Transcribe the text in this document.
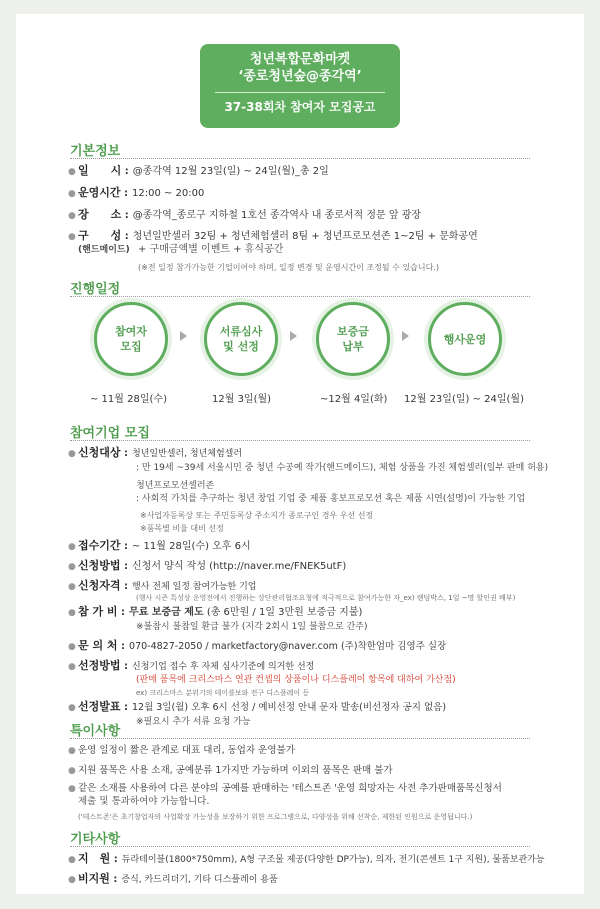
청년복합문화마켓
‘종로청년숲@종각역’
37-38회차 참여자 모집공고
기본정보
● 일　　시 : @종각역 12월 23일(일) ~ 24일(월)_총 2일
● 운영시간 : 12:00 ~ 20:00
● 장　　소 : @종각역_종로구 지하철 1호선 종각역사 내 종로서적 정문 앞 광장
● 구　　성 : 청년일반셀러 32팀 + 청년체험셀러 8팀 + 청년프로모션존 1~2팀 + 문화공연
(핸드메이드) + 구매금액별 이벤트 + 휴식공간
(※전 일정 참가가능한 기업이어야 하며, 일정 변경 및 운영시간이 조정될 수 있습니다.)
진행일정
참여자
모집
서류심사
및 선정
보증금
납부
행사운영
~ 11월 28일(수)	12월 3일(월)	~12월 4일(화) 12월 23일(일) ~ 24일(월)
참여기업 모집
● 신청대상 : 청년일반셀러, 청년체험셀러
: 만 19세 ~39세 서울시민 중 청년 수공예 작가(핸드메이드), 체험 상품을 가진 체험셀러(일부 판매 허용)
청년프로모션셀러존
: 사회적 가치를 추구하는 청년 창업 기업 중 제품 홍보프로모션 혹은 제품 시연(설명)이 가능한 기업
※사업자등록상 또는 주민등록상 주소지가 종로구인 경우 우선 선정
※품목별 비율 대비 선정
● 접수기간 : ~ 11월 28일(수) 오후 6시
● 신청방법 : 신청서 양식 작성 (http://naver.me/FNEK5utF)
● 신청자격 : 행사 전체 일정 참여가능한 기업
(행사 시즌 특성상 운영전에서 진행하는 상단관리협조요청에 적극적으로 참여가능한 자_ex) 랜덤박스, 1일 ~명 할인권 배부)
● 참 가 비 : 무료 보증금 제도 (총 6만원 / 1일 3만원 보증금 지불)
※불참시 불참일 환급 불가 (지각 2회시 1일 불참으로 간주)
● 문 의 처 : 070-4827-2050 / marketfactory@naver.com (주)착한엄마 김영주 실장
● 선정방법 : 신청기업 접수 후 자체 심사기준에 의거한 선정
(판매 품목에 크리스마스 연관 컨셉의 상품이나 디스플레이 항목에 대하여 가산점)
ex) 크리스마스 분위기의 테이블보와 전구 디스플레이 등
● 선정발표 : 12월 3일(월) 오후 6시 선정 / 예비선정 안내 문자 발송(비선정자 공지 없음)
※필요시 추가 서류 요청 가능
특이사항
● 운영 일정이 짧은 관계로 대표 대리, 동업자 운영불가
● 지원 품목은 사용 소재, 공예분류 1가지만 가능하며 이외의 품목은 판매 불가
● 같은 소재를 사용하여 다른 분야의 공예를 판매하는 '테스트존 '운영 희망자는 사전 추가판매품목신청서
제출 및 통과하여야 가능합니다.
('테스트존'은 초기창업자의 사업확장 가능성을 보장하기 위한 프로그램으로, 다양성을 위해 선착순, 제한된 인원으로 운영됩니다.)
기타사항
● 지　원 : 듀라테이블(1800*750mm), A형 구조물 제공(다양한 DP가능), 의자, 전기(콘센트 1구 지원), 물품보관가능
● 비지원 : 증식, 카드리더기, 기타 디스플레이 용품
